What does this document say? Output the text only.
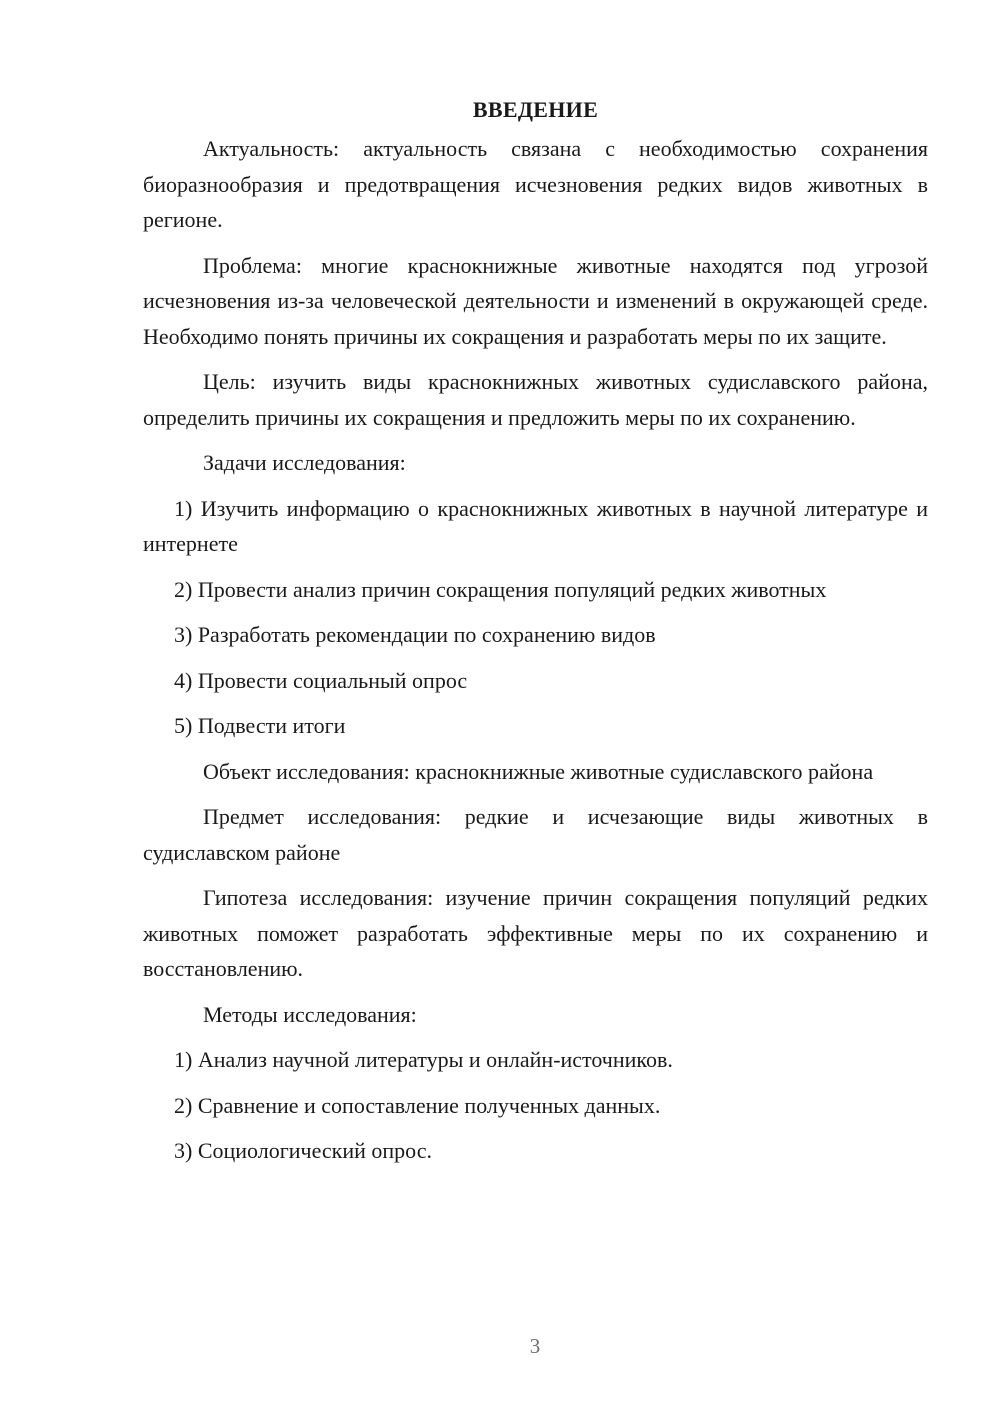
ВВЕДЕНИЕ

Актуальность: актуальность связана с необходимостью сохранения биоразнообразия и предотвращения исчезновения редких видов животных в регионе.

Проблема: многие краснокнижные животные находятся под угрозой исчезновения из-за человеческой деятельности и изменений в окружающей среде. Необходимо понять причины их сокращения и разработать меры по их защите.

Цель: изучить виды краснокнижных животных судиславского района, определить причины их сокращения и предложить меры по их сохранению.

Задачи исследования:

1) Изучить информацию о краснокнижных животных в научной литературе и интернете

2) Провести анализ причин сокращения популяций редких животных

3) Разработать рекомендации по сохранению видов

4) Провести социальный опрос

5) Подвести итоги

Объект исследования: краснокнижные животные судиславского района

Предмет исследования: редкие и исчезающие виды животных в судиславском районе

Гипотеза исследования: изучение причин сокращения популяций редких животных поможет разработать эффективные меры по их сохранению и восстановлению.

Методы исследования:

1) Анализ научной литературы и онлайн-источников.

2) Сравнение и сопоставление полученных данных.

3) Социологический опрос.

3
